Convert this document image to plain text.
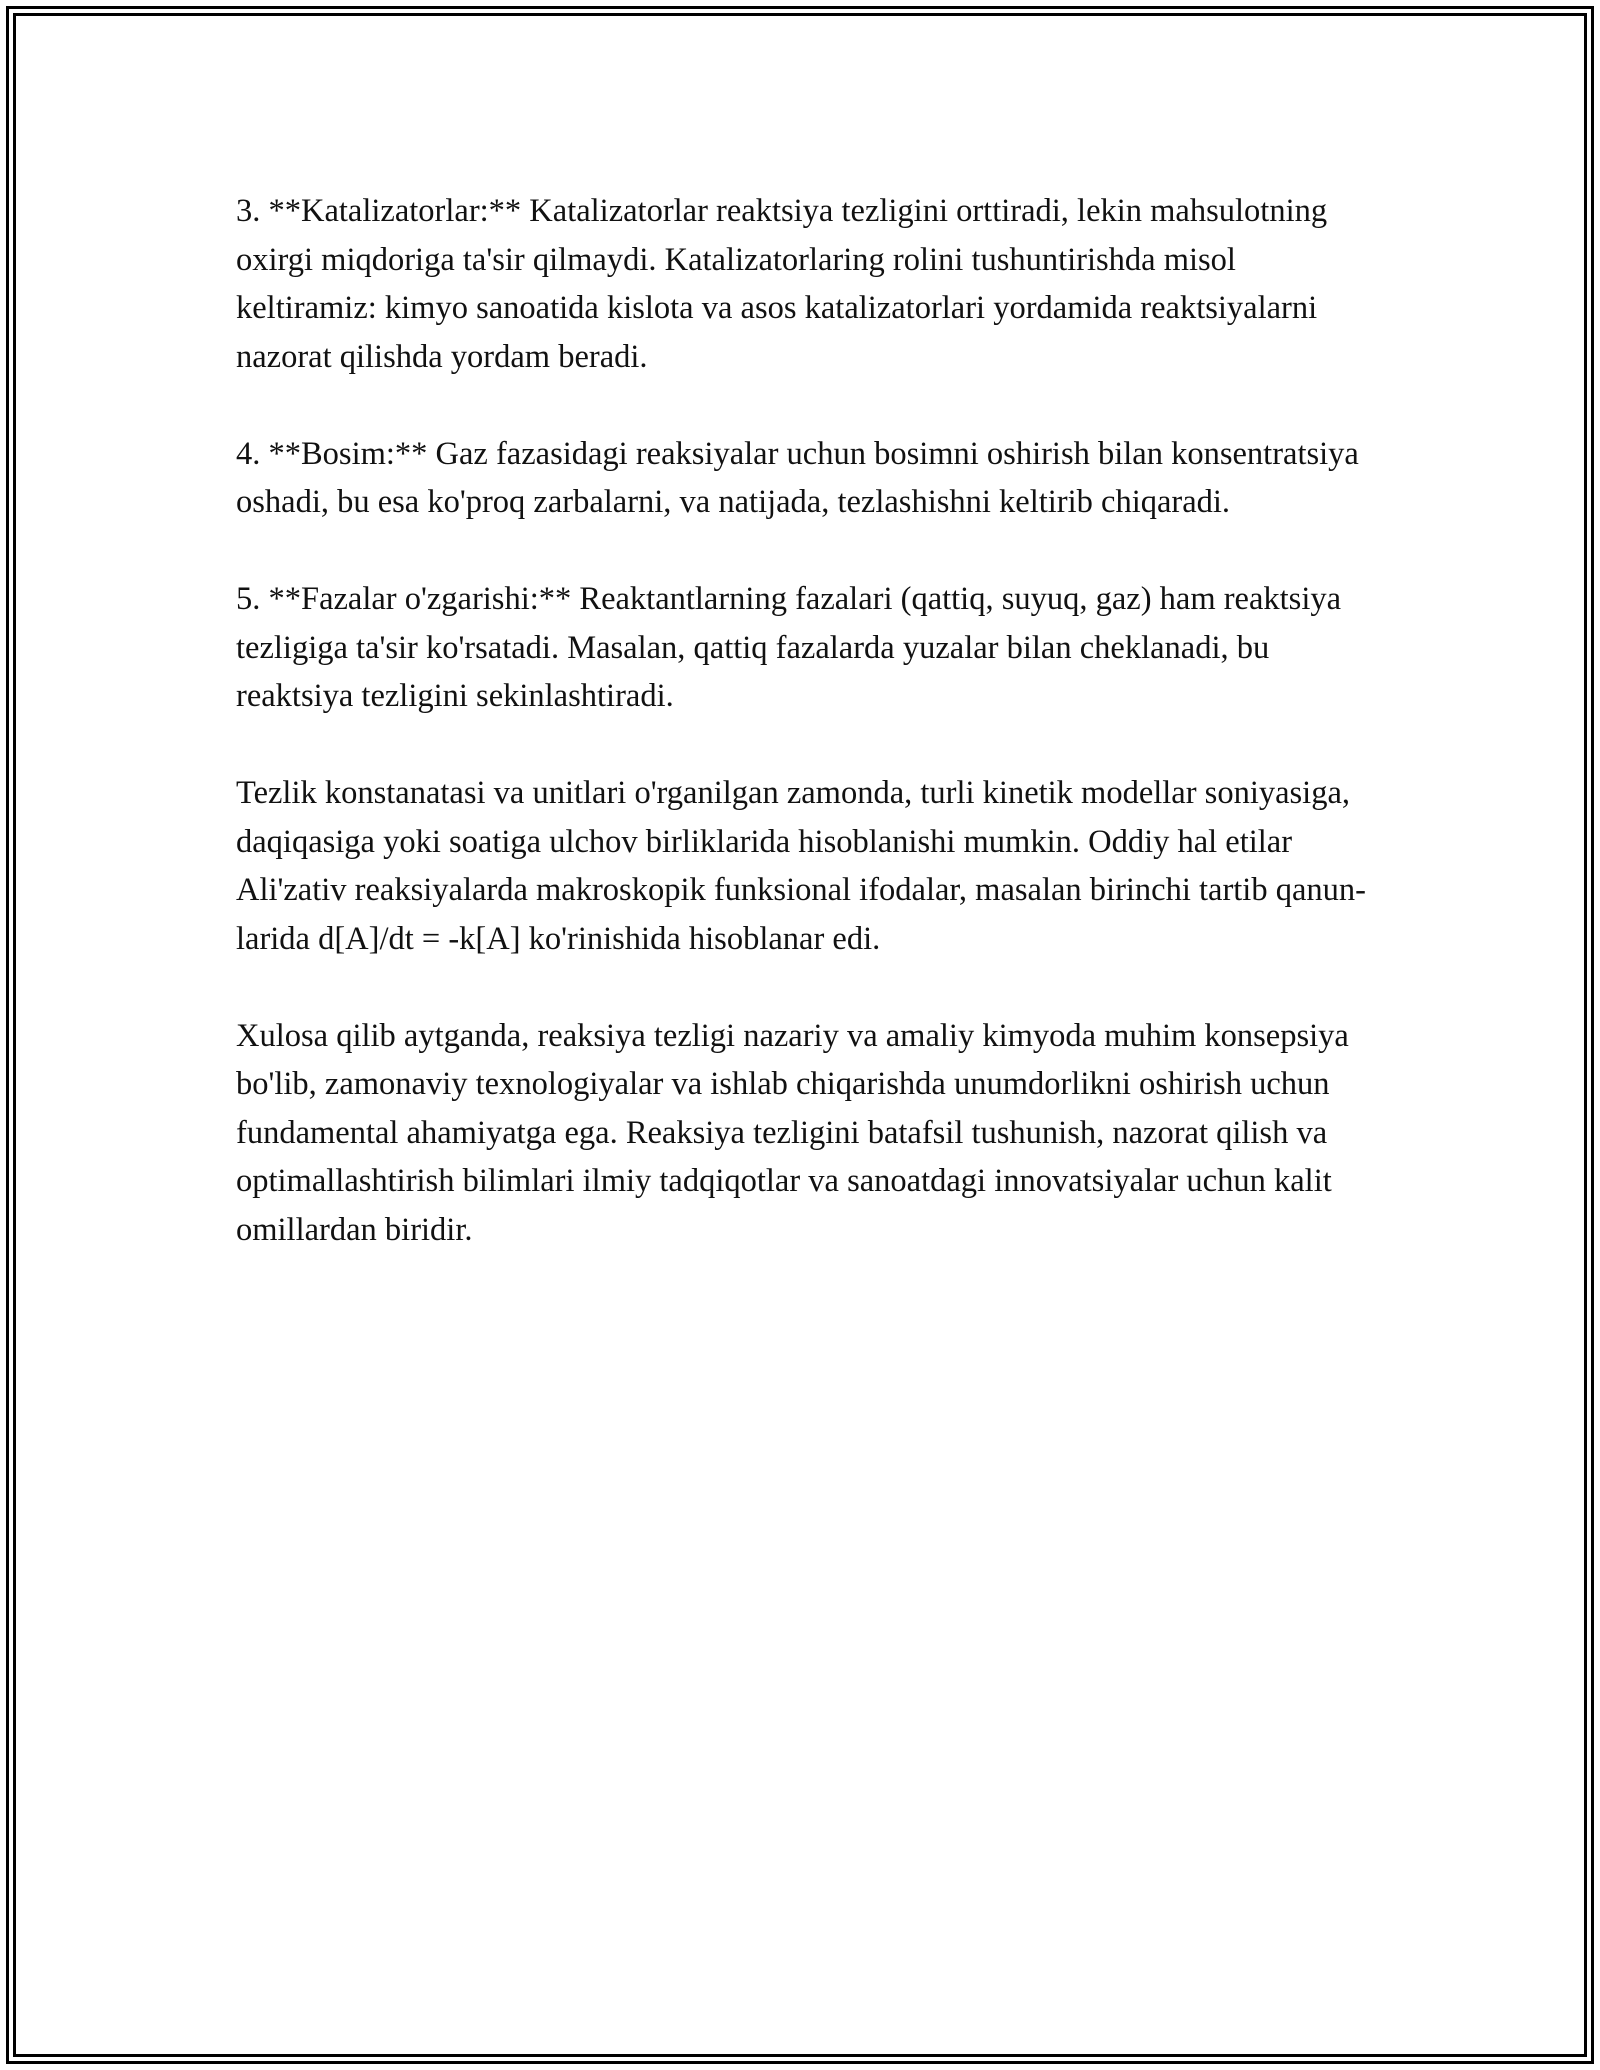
3. **Katalizatorlar:** Katalizatorlar reaktsiya tezligini orttiradi, lekin mahsulotning oxirgi miqdoriga ta'sir qilmaydi. Katalizatorlaring rolini tushuntirishda misol keltiramiz: kimyo sanoatida kislota va asos katalizatorlari yordamida reaktsiyalarni nazorat qilishda yordam beradi.

4. **Bosim:** Gaz fazasidagi reaksiyalar uchun bosimni oshirish bilan konsentratsiya oshadi, bu esa ko'proq zarbalarni, va natijada, tezlashishni keltirib chiqaradi.

5. **Fazalar o'zgarishi:** Reaktantlarning fazalari (qattiq, suyuq, gaz) ham reaktsiya tezligiga ta'sir ko'rsatadi. Masalan, qattiq fazalarda yuzalar bilan cheklanadi, bu reaktsiya tezligini sekinlashtiradi.

Tezlik konstanatasi va unitlari o'rganilgan zamonda, turli kinetik modellar soniyasiga, daqiqasiga yoki soatiga ulchov birliklarida hisoblanishi mumkin. Oddiy hal etilar Ali'zativ reaksiyalarda makroskopik funksional ifodalar, masalan birinchi tartib qanun-larida d[A]/dt = -k[A] ko'rinishida hisoblanar edi.

Xulosa qilib aytganda, reaksiya tezligi nazariy va amaliy kimyoda muhim konsepsiya bo'lib, zamonaviy texnologiyalar va ishlab chiqarishda unumdorlikni oshirish uchun fundamental ahamiyatga ega. Reaksiya tezligini batafsil tushunish, nazorat qilish va optimallashtirish bilimlari ilmiy tadqiqotlar va sanoatdagi innovatsiyalar uchun kalit omillardan biridir.
